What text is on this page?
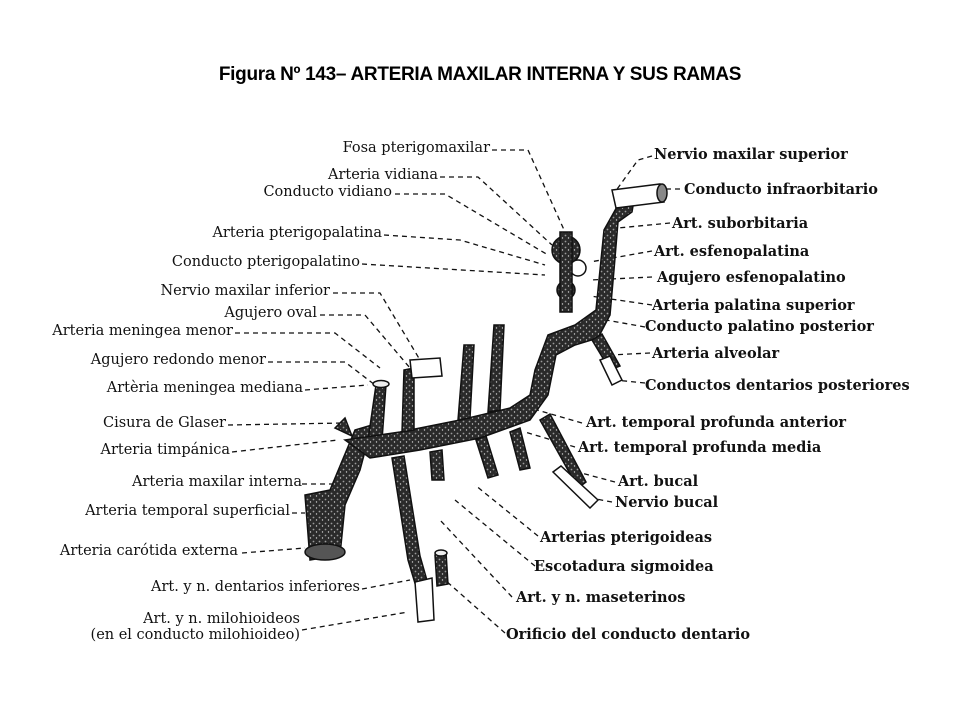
Figura Nº 143– ARTERIA MAXILAR INTERNA Y SUS RAMAS
Fosa pterigomaxilar
Arteria vidiana
Conducto vidiano
Arteria pterigopalatina
Conducto pterigopalatino
Nervio maxilar inferior
Agujero oval
Arteria meningea menor
Agujero redondo menor
Artèria meningea mediana
Cisura de Glaser
Arteria timpánica
Arteria maxilar interna
Arteria temporal superficial
Arteria carótida externa
Art. y n. dentarios inferiores
Art. y n. milohioideos
(en el conducto milohioideo)
Nervio maxilar superior
Conducto infraorbitario
Art. suborbitaria
Art. esfenopalatina
Agujero esfenopalatino
Arteria palatina superior
Conducto palatino posterior
Arteria alveolar
Conductos dentarios posteriores
Art. temporal profunda anterior
Art. temporal profunda media
Art. bucal
Nervio bucal
Arterias pterigoideas
Escotadura sigmoidea
Art. y n. maseterinos
Orificio del conducto dentario
